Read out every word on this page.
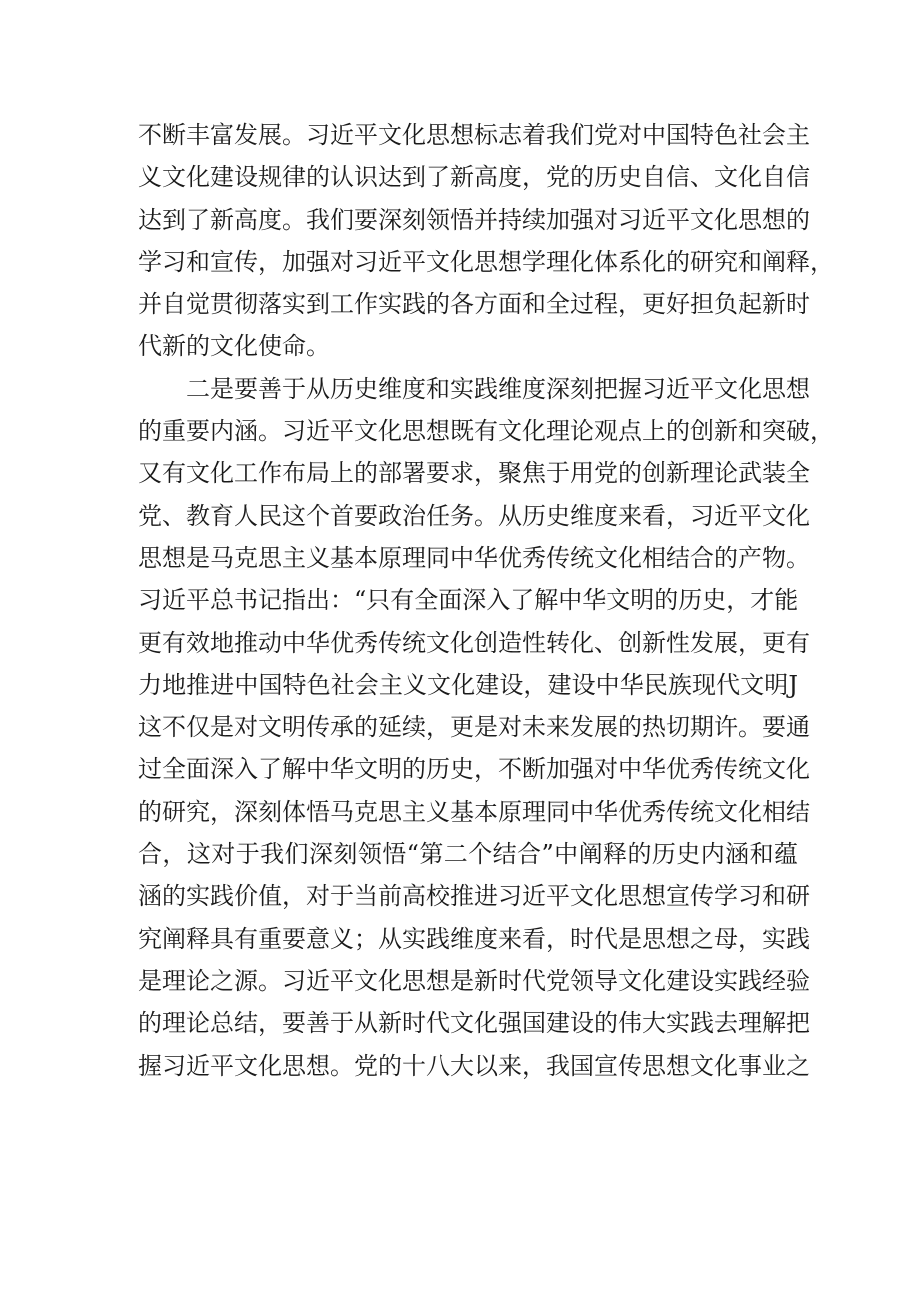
不断丰富发展。习近平文化思想标志着我们党对中国特色社会主
义文化建设规律的认识达到了新高度，党的历史自信、文化自信
达到了新高度。我们要深刻领悟并持续加强对习近平文化思想的
学习和宣传，加强对习近平文化思想学理化体系化的研究和阐释，
并自觉贯彻落实到工作实践的各方面和全过程，更好担负起新时
代新的文化使命。
二是要善于从历史维度和实践维度深刻把握习近平文化思想
的重要内涵。习近平文化思想既有文化理论观点上的创新和突破，
又有文化工作布局上的部署要求，聚焦于用党的创新理论武装全
党、教育人民这个首要政治任务。从历史维度来看，习近平文化
思想是马克思主义基本原理同中华优秀传统文化相结合的产物。
习近平总书记指出：“只有全面深入了解中华文明的历史，才能
更有效地推动中华优秀传统文化创造性转化、创新性发展，更有
力地推进中国特色社会主义文化建设，建设中华民族现代文明J
这不仅是对文明传承的延续，更是对未来发展的热切期许。要通
过全面深入了解中华文明的历史，不断加强对中华优秀传统文化
的研究，深刻体悟马克思主义基本原理同中华优秀传统文化相结
合，这对于我们深刻领悟“第二个结合”中阐释的历史内涵和蕴
涵的实践价值，对于当前高校推进习近平文化思想宣传学习和研
究阐释具有重要意义；从实践维度来看，时代是思想之母，实践
是理论之源。习近平文化思想是新时代党领导文化建设实践经验
的理论总结，要善于从新时代文化强国建设的伟大实践去理解把
握习近平文化思想。党的十八大以来，我国宣传思想文化事业之
